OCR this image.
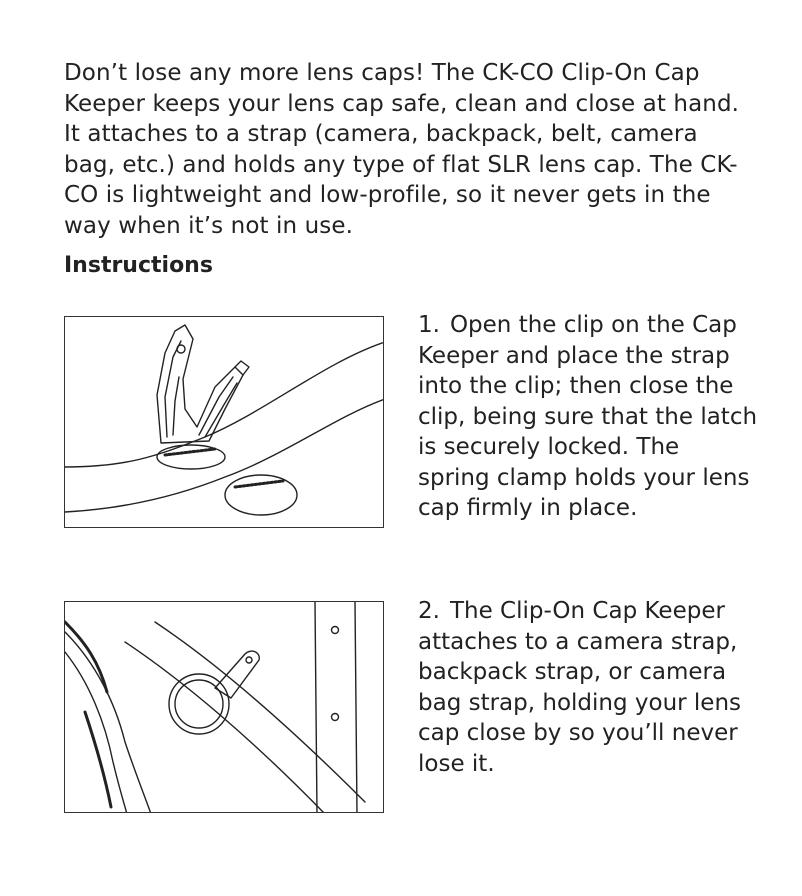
Don’t lose any more lens caps! The CK-CO Clip-On Cap Keeper keeps your lens cap safe, clean and close at hand. It attaches to a strap (camera, backpack, belt, camera bag, etc.) and holds any type of flat SLR lens cap. The CK-CO is lightweight and low-profile, so it never gets in the way when it’s not in use.

Instructions

1. Open the clip on the Cap Keeper and place the strap into the clip; then close the clip, being sure that the latch is securely locked. The spring clamp holds your lens cap firmly in place.

2. The Clip-On Cap Keeper attaches to a camera strap, backpack strap, or camera bag strap, holding your lens cap close by so you’ll never lose it.
